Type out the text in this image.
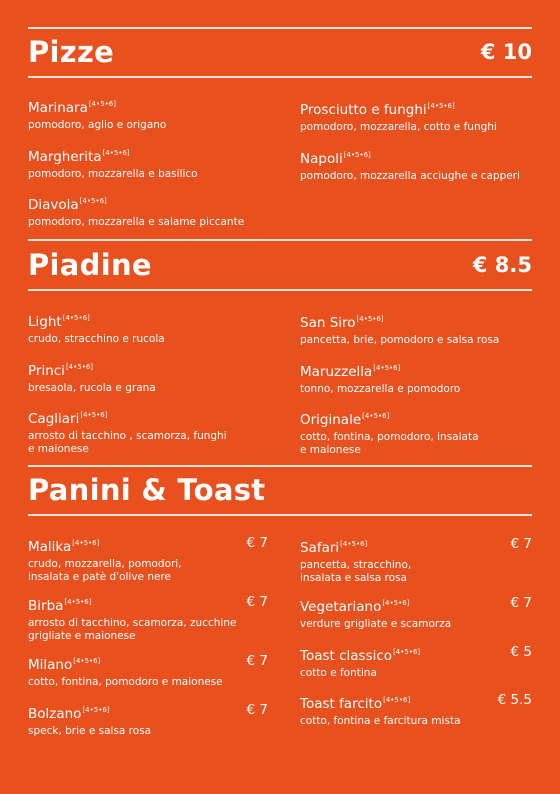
Pizze	€ 10
Marinara[4•5•6]
pomodoro, aglio e origano
Margherita[4•5•6]
pomodoro, mozzarella e basilico
Diavola[4•5•6]
pomodoro, mozzarella e salame piccante
Prosciutto e funghi[4•5•6]
pomodoro, mozzarella, cotto e funghi
Napoli[4•5•6]
pomodoro, mozzarella acciughe e capperi
Piadine	€ 8.5
Light[4•5•6]
crudo, stracchino e rucola
Princi[4•5•6]
bresaola, rucola e grana
Cagliari[4•5•6]
arrosto di tacchino , scamorza, funghi
e maionese
San Siro[4•5•6]
pancetta, brie, pomodoro e salsa rosa
Maruzzella[4•5•6]
tonno, mozzarella e pomodoro
Originale[4•5•6]
cotto, fontina, pomodoro, insalata
e maionese
Panini & Toast
Malika[4•5•6]	€ 7
crudo, mozzarella, pomodori,
insalata e patè d'olive nere
Birba[4•5•6]	€ 7
arrosto di tacchino, scamorza, zucchine
grigliate e maionese
Milano[4•5•6]	€ 7
cotto, fontina, pomodoro e maionese
Bolzano[4•5•6]	€ 7
speck, brie e salsa rosa
Safari[4•5•6]	€ 7
pancetta, stracchino,
insalata e salsa rosa
Vegetariano[4•5•6]	€ 7
verdure grigliate e scamorza
Toast classico[4•5•6]	€ 5
cotto e fontina
Toast farcito[4•5•6]	€ 5.5
cotto, fontina e farcitura mista
